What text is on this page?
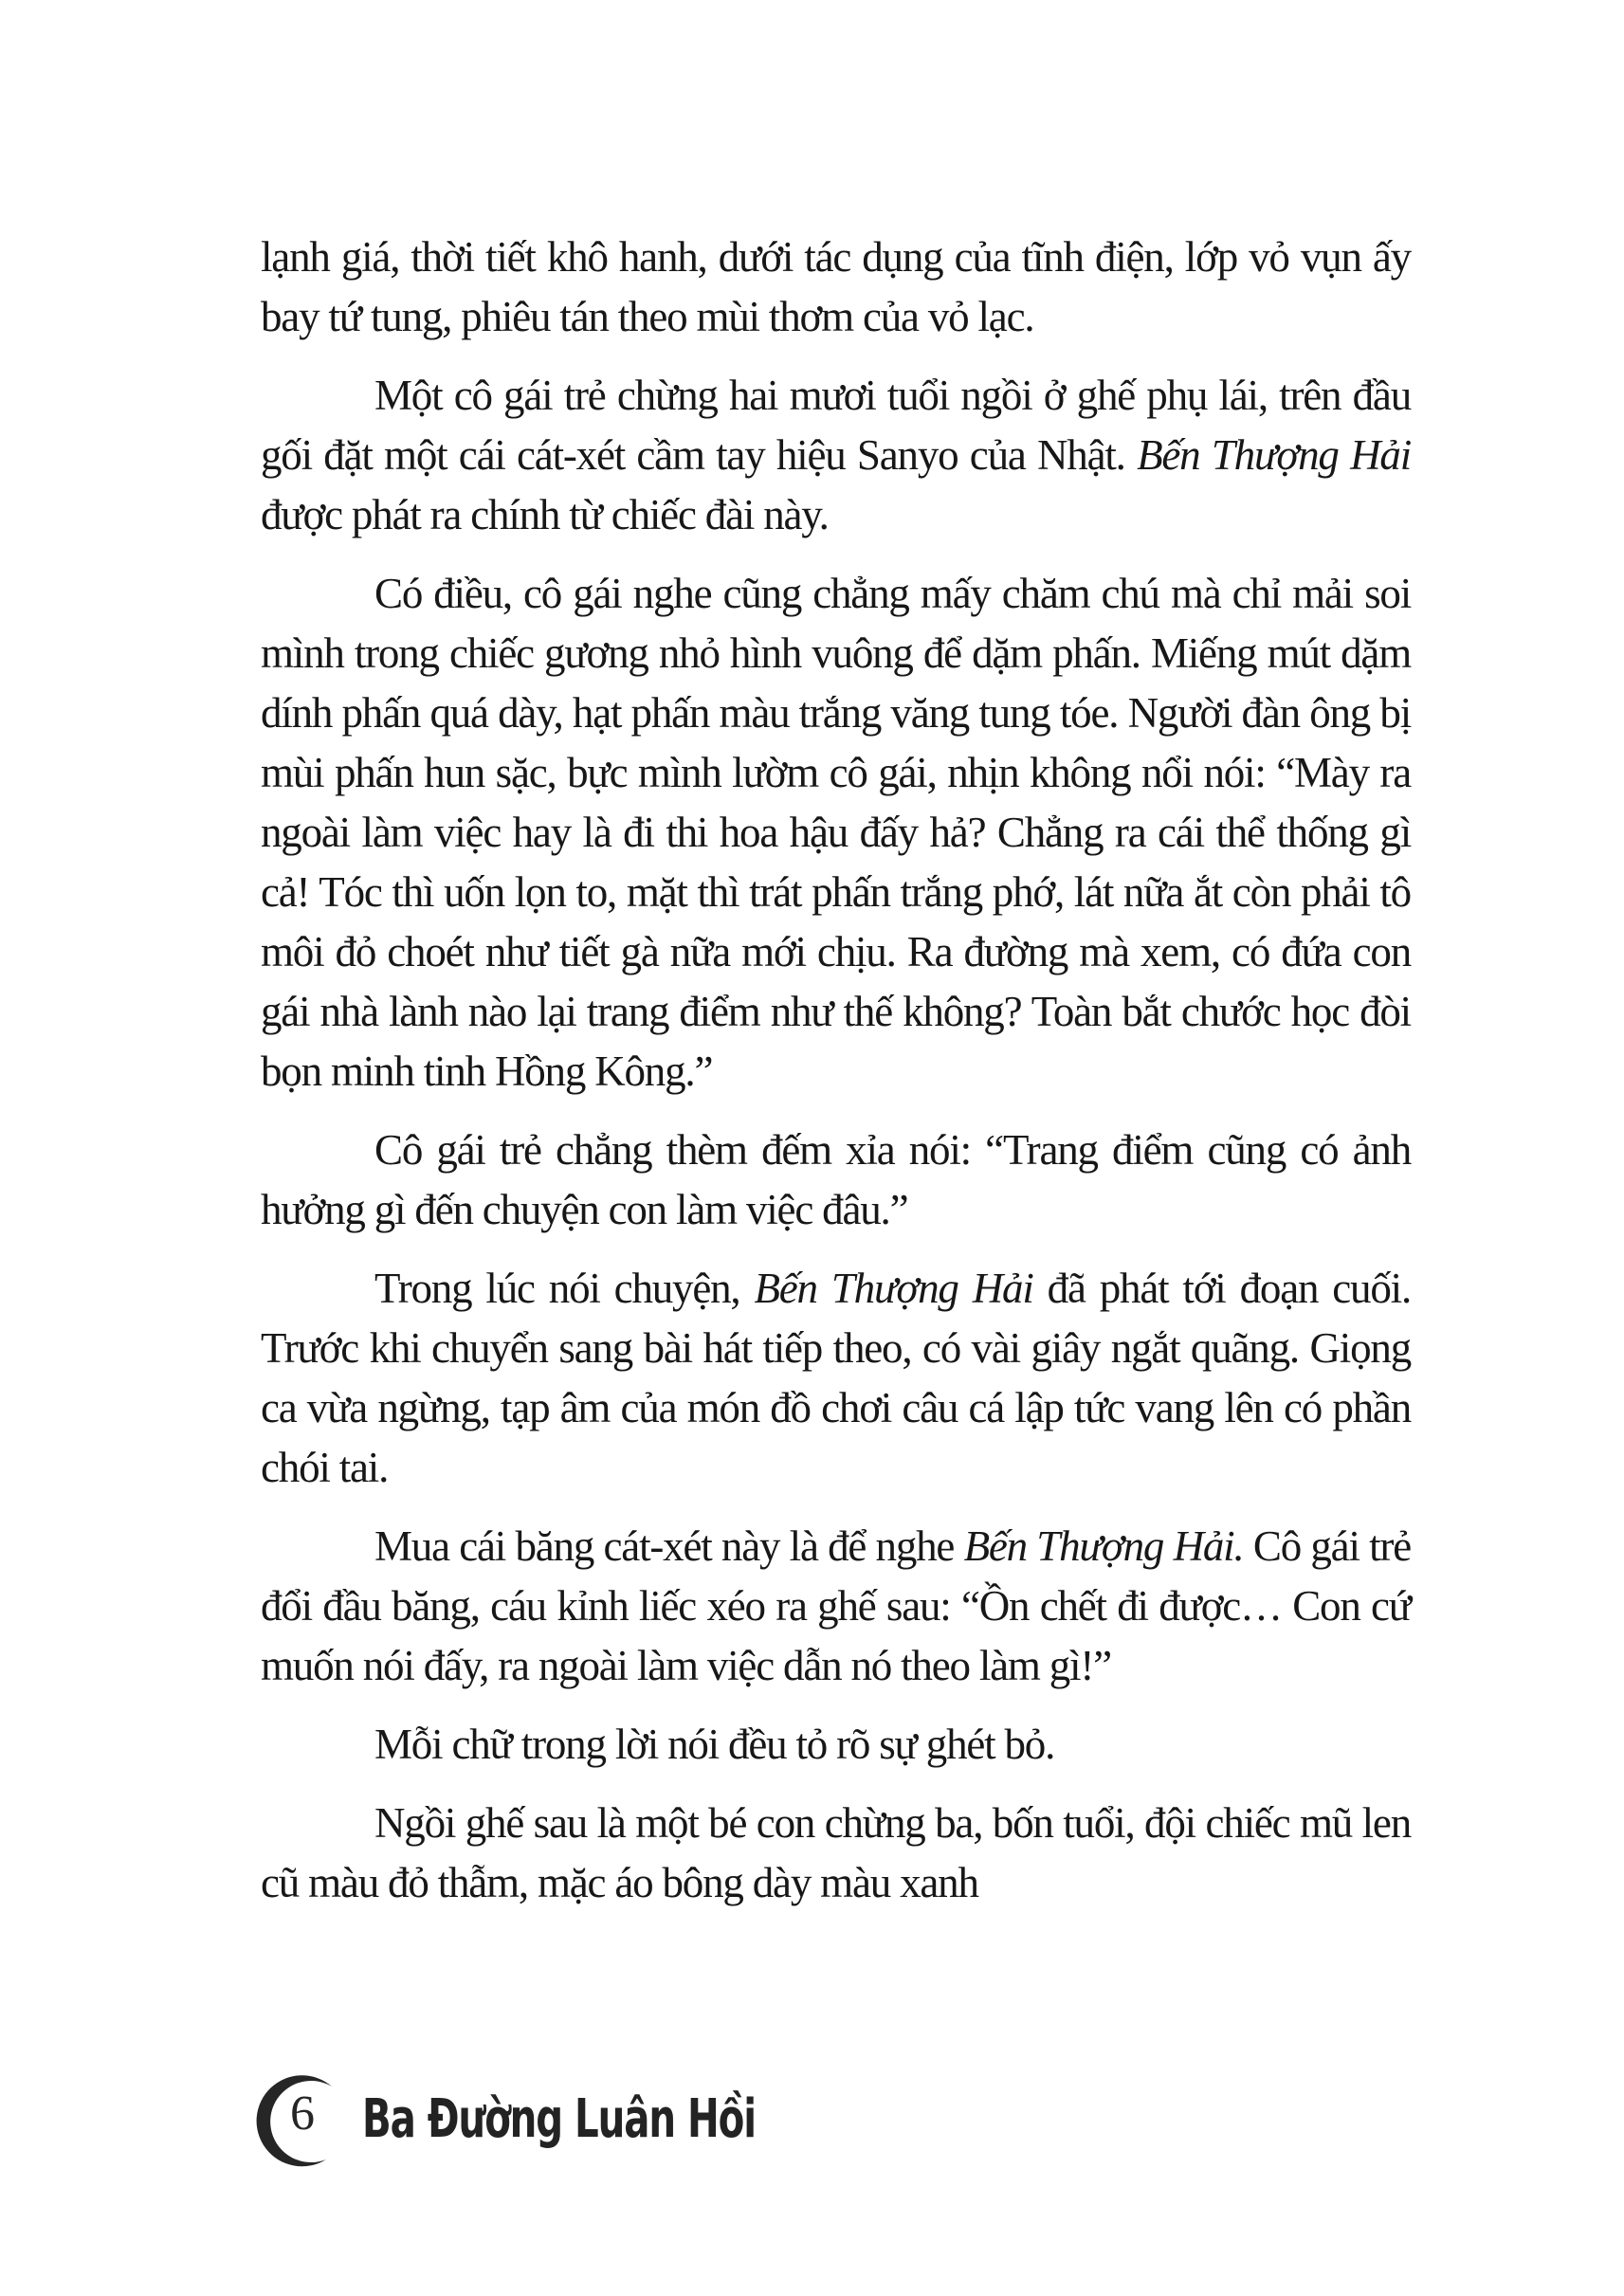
lạnh giá, thời tiết khô hanh, dưới tác dụng của tĩnh điện, lớp vỏ vụn ấy bay tứ tung, phiêu tán theo mùi thơm của vỏ lạc.

Một cô gái trẻ chừng hai mươi tuổi ngồi ở ghế phụ lái, trên đầu gối đặt một cái cát-xét cầm tay hiệu Sanyo của Nhật. Bến Thượng Hải được phát ra chính từ chiếc đài này.

Có điều, cô gái nghe cũng chẳng mấy chăm chú mà chỉ mải soi mình trong chiếc gương nhỏ hình vuông để dặm phấn. Miếng mút dặm dính phấn quá dày, hạt phấn màu trắng văng tung tóe. Người đàn ông bị mùi phấn hun sặc, bực mình lườm cô gái, nhịn không nổi nói: “Mày ra ngoài làm việc hay là đi thi hoa hậu đấy hả? Chẳng ra cái thể thống gì cả! Tóc thì uốn lọn to, mặt thì trát phấn trắng phớ, lát nữa ắt còn phải tô môi đỏ choét như tiết gà nữa mới chịu. Ra đường mà xem, có đứa con gái nhà lành nào lại trang điểm như thế không? Toàn bắt chước học đòi bọn minh tinh Hồng Kông.”

Cô gái trẻ chẳng thèm đếm xỉa nói: “Trang điểm cũng có ảnh hưởng gì đến chuyện con làm việc đâu.”

Trong lúc nói chuyện, Bến Thượng Hải đã phát tới đoạn cuối. Trước khi chuyển sang bài hát tiếp theo, có vài giây ngắt quãng. Giọng ca vừa ngừng, tạp âm của món đồ chơi câu cá lập tức vang lên có phần chói tai.

Mua cái băng cát-xét này là để nghe Bến Thượng Hải. Cô gái trẻ đổi đầu băng, cáu kỉnh liếc xéo ra ghế sau: “Ồn chết đi được… Con cứ muốn nói đấy, ra ngoài làm việc dẫn nó theo làm gì!”

Mỗi chữ trong lời nói đều tỏ rõ sự ghét bỏ.

Ngồi ghế sau là một bé con chừng ba, bốn tuổi, đội chiếc mũ len cũ màu đỏ thẫm, mặc áo bông dày màu xanh

6 Ba Đường Luân Hồi
